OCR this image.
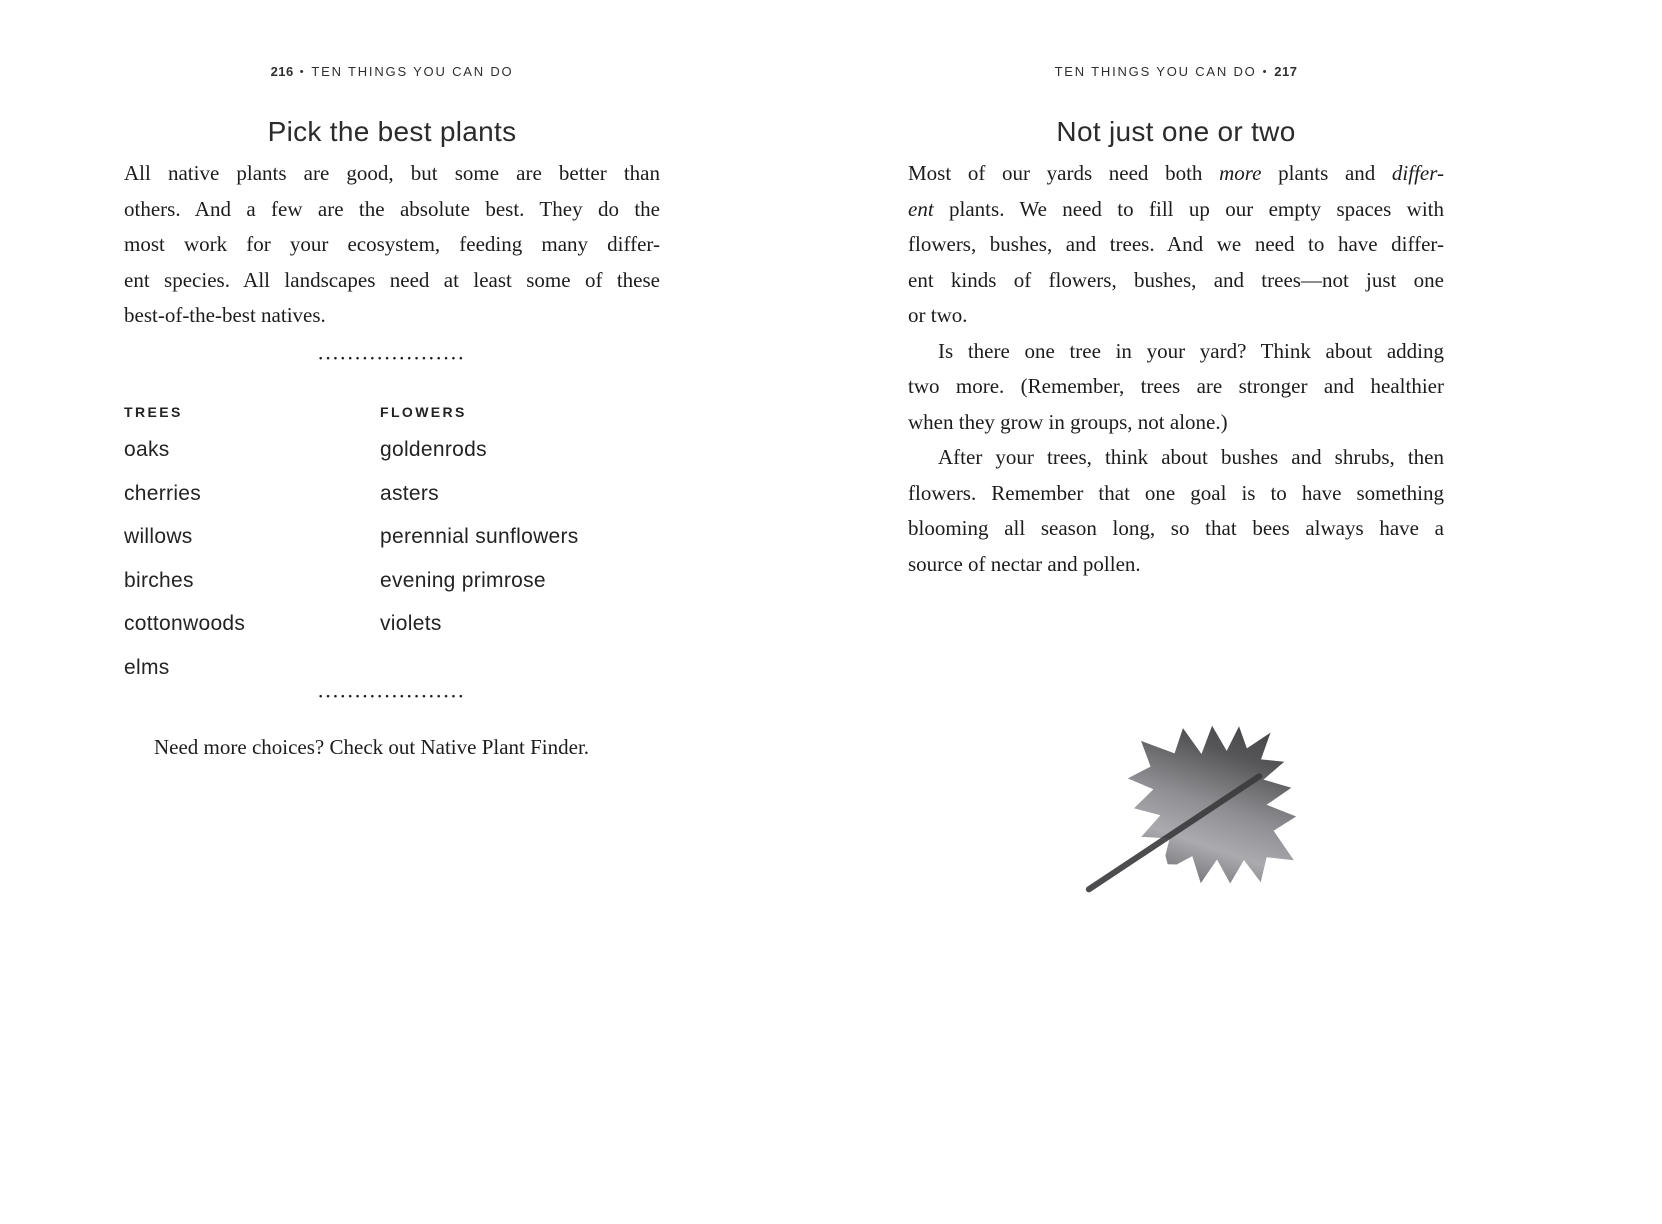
216 • TEN THINGS YOU CAN DO
Pick the best plants
All native plants are good, but some are better than
others. And a few are the absolute best. They do the
most work for your ecosystem, feeding many differ-
ent species. All landscapes need at least some of these
best-of-the-best natives.
····················
TREES
oaks
cherries
willows
birches
cottonwoods
elms
FLOWERS
goldenrods
asters
perennial sunflowers
evening primrose
violets
····················
Need more choices? Check out Native Plant Finder.
TEN THINGS YOU CAN DO • 217
Not just one or two
Most of our yards need both more plants and differ-
ent plants. We need to fill up our empty spaces with
flowers, bushes, and trees. And we need to have differ-
ent kinds of flowers, bushes, and trees—not just one
or two.
Is there one tree in your yard? Think about adding
two more. (Remember, trees are stronger and healthier
when they grow in groups, not alone.)
After your trees, think about bushes and shrubs, then
flowers. Remember that one goal is to have something
blooming all season long, so that bees always have a
source of nectar and pollen.
